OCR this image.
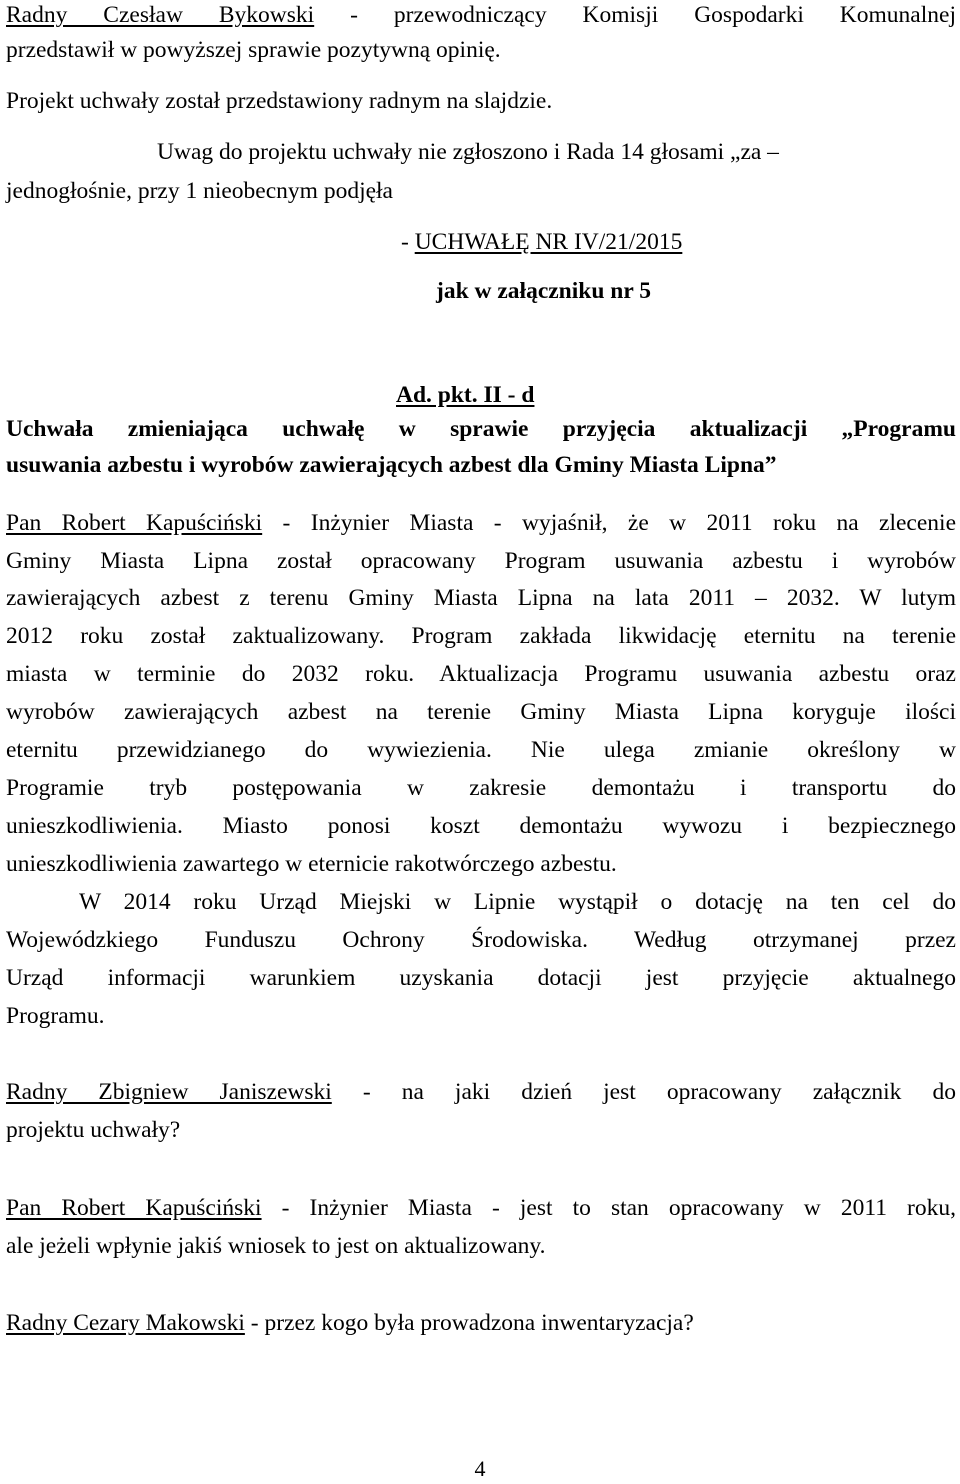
Radny Czesław Bykowski - przewodniczący Komisji Gospodarki Komunalnej
przedstawił w powyższej sprawie pozytywną opinię.
Projekt uchwały został przedstawiony radnym na slajdzie.
Uwag do projektu uchwały nie zgłoszono i Rada 14 głosami „za –
jednogłośnie, przy 1 nieobecnym podjęła
- UCHWAŁĘ NR IV/21/2015
jak w załączniku nr 5
Ad. pkt. II - d
Uchwała zmieniająca uchwałę w sprawie przyjęcia aktualizacji „Programu
usuwania azbestu i wyrobów zawierających azbest dla Gminy Miasta Lipna”
Pan Robert Kapuściński - Inżynier Miasta - wyjaśnił, że w 2011 roku na zlecenie
Gminy Miasta Lipna został opracowany Program usuwania azbestu i wyrobów
zawierających azbest z terenu Gminy Miasta Lipna na lata 2011 – 2032. W lutym
2012 roku został zaktualizowany. Program zakłada likwidację eternitu na terenie
miasta w terminie do 2032 roku. Aktualizacja Programu usuwania azbestu oraz
wyrobów zawierających azbest na terenie Gminy Miasta Lipna koryguje ilości
eternitu przewidzianego do wywiezienia. Nie ulega zmianie określony w
Programie tryb postępowania w zakresie demontażu i transportu do
unieszkodliwienia. Miasto ponosi koszt demontażu wywozu i bezpiecznego
unieszkodliwienia zawartego w eternicie rakotwórczego azbestu.
W 2014 roku Urząd Miejski w Lipnie wystąpił o dotację na ten cel do
Wojewódzkiego Funduszu Ochrony Środowiska. Według otrzymanej przez
Urząd informacji warunkiem uzyskania dotacji jest przyjęcie aktualnego
Programu.
Radny Zbigniew Janiszewski - na jaki dzień jest opracowany załącznik do
projektu uchwały?
Pan Robert Kapuściński - Inżynier Miasta - jest to stan opracowany w 2011 roku,
ale jeżeli wpłynie jakiś wniosek to jest on aktualizowany.
Radny Cezary Makowski - przez kogo była prowadzona inwentaryzacja?
4
